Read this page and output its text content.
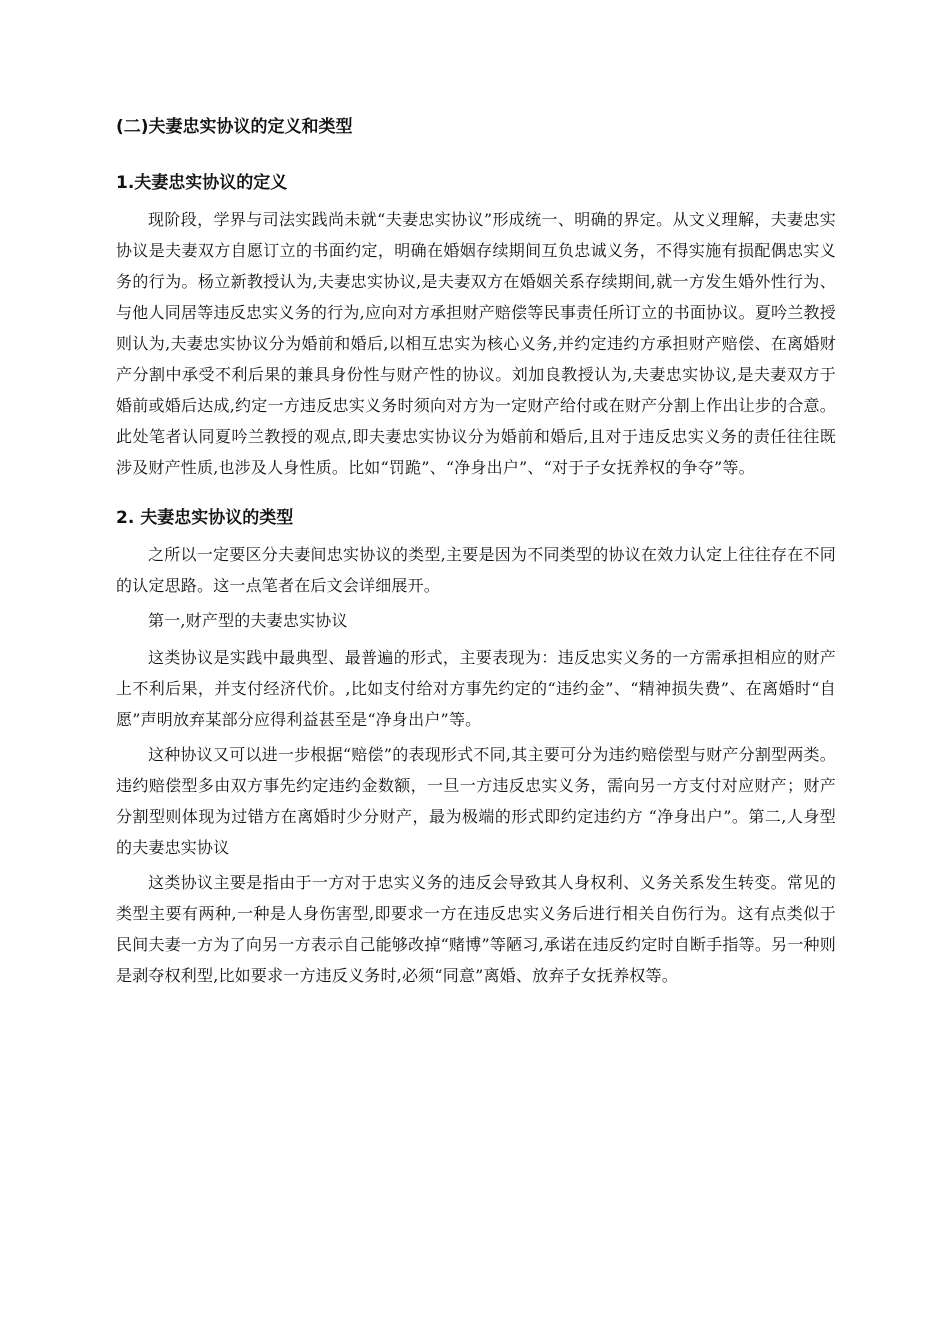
(二)夫妻忠实协议的定义和类型
1.夫妻忠实协议的定义

现阶段，学界与司法实践尚未就“夫妻忠实协议”形成统一、明确的界定。从文义理解，夫妻忠实协议是夫妻双方自愿订立的书面约定，明确在婚姻存续期间互负忠诚义务，不得实施有损配偶忠实义务的行为。杨立新教授认为,夫妻忠实协议,是夫妻双方在婚姻关系存续期间,就一方发生婚外性行为、与他人同居等违反忠实义务的行为,应向对方承担财产赔偿等民事责任所订立的书面协议。夏吟兰教授则认为,夫妻忠实协议分为婚前和婚后,以相互忠实为核心义务,并约定违约方承担财产赔偿、在离婚财产分割中承受不利后果的兼具身份性与财产性的协议。刘加良教授认为,夫妻忠实协议,是夫妻双方于婚前或婚后达成,约定一方违反忠实义务时须向对方为一定财产给付或在财产分割上作出让步的合意。此处笔者认同夏吟兰教授的观点,即夫妻忠实协议分为婚前和婚后,且对于违反忠实义务的责任往往既涉及财产性质,也涉及人身性质。比如“罚跪”、“净身出户”、“对于子女抚养权的争夺”等。

2. 夫妻忠实协议的类型

之所以一定要区分夫妻间忠实协议的类型,主要是因为不同类型的协议在效力认定上往往存在不同的认定思路。这一点笔者在后文会详细展开。

第一,财产型的夫妻忠实协议

这类协议是实践中最典型、最普遍的形式，主要表现为：违反忠实义务的一方需承担相应的财产上不利后果，并支付经济代价。,比如支付给对方事先约定的“违约金”、“精神损失费”、在离婚时“自愿”声明放弃某部分应得利益甚至是“净身出户”等。

这种协议又可以进一步根据“赔偿”的表现形式不同,其主要可分为违约赔偿型与财产分割型两类。违约赔偿型多由双方事先约定违约金数额，一旦一方违反忠实义务，需向另一方支付对应财产；财产分割型则体现为过错方在离婚时少分财产，最为极端的形式即约定违约方 “净身出户”。第二,人身型的夫妻忠实协议

这类协议主要是指由于一方对于忠实义务的违反会导致其人身权利、义务关系发生转变。常见的类型主要有两种,一种是人身伤害型,即要求一方在违反忠实义务后进行相关自伤行为。这有点类似于民间夫妻一方为了向另一方表示自己能够改掉“赌博”等陋习,承诺在违反约定时自断手指等。另一种则是剥夺权利型,比如要求一方违反义务时,必须“同意”离婚、放弃子女抚养权等。
